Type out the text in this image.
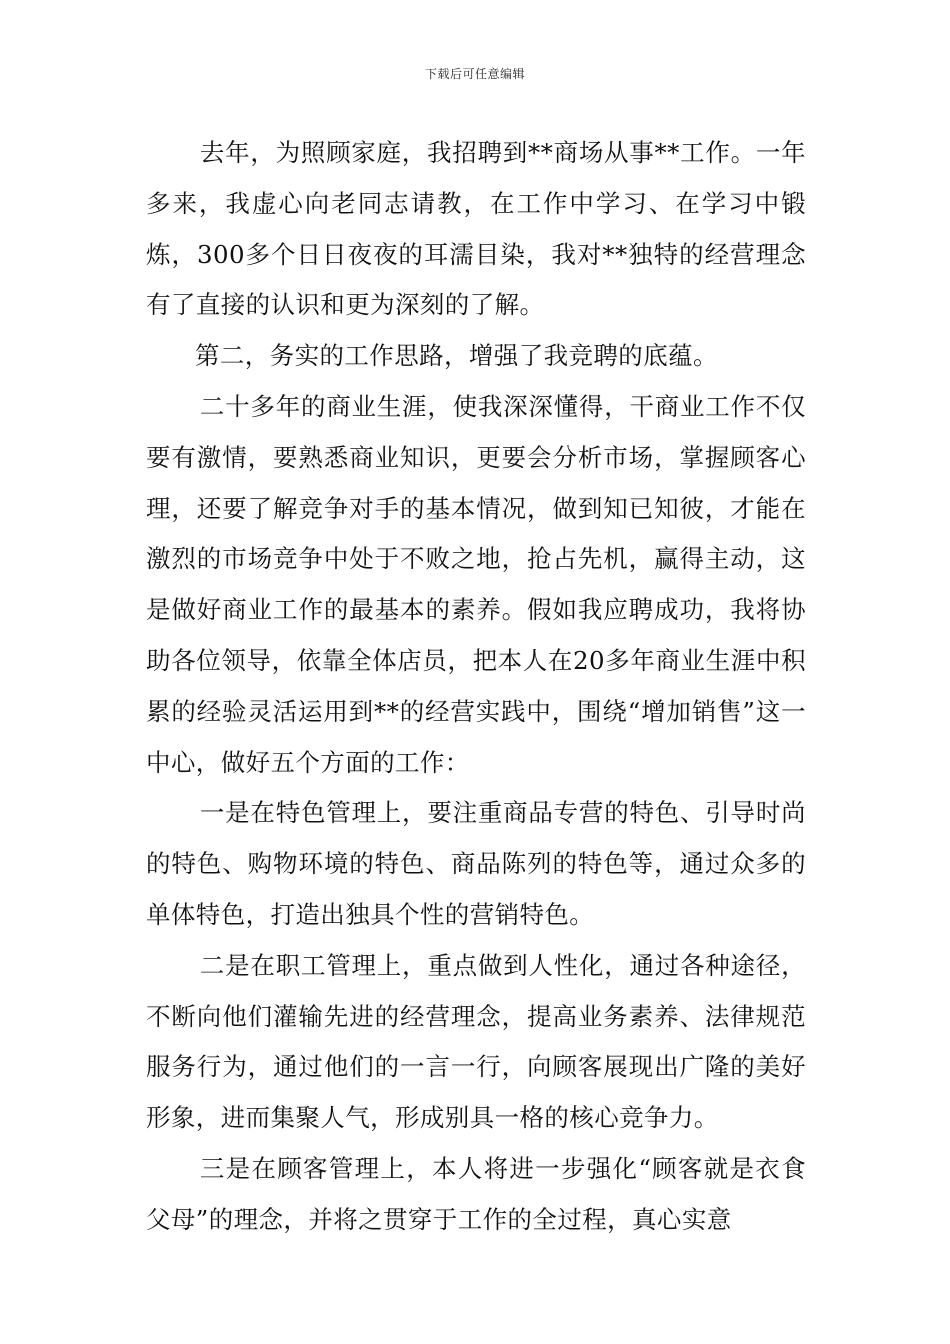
下载后可任意编辑

去年，为照顾家庭，我招聘到**商场从事**工作。一年多来，我虚心向老同志请教，在工作中学习、在学习中锻炼，300多个日日夜夜的耳濡目染，我对**独特的经营理念有了直接的认识和更为深刻的了解。

第二，务实的工作思路，增强了我竞聘的底蕴。

二十多年的商业生涯，使我深深懂得，干商业工作不仅要有激情，要熟悉商业知识，更要会分析市场，掌握顾客心理，还要了解竞争对手的基本情况，做到知已知彼，才能在激烈的市场竞争中处于不败之地，抢占先机，赢得主动，这是做好商业工作的最基本的素养。假如我应聘成功，我将协助各位领导，依靠全体店员，把本人在20多年商业生涯中积累的经验灵活运用到**的经营实践中，围绕“增加销售”这一中心，做好五个方面的工作：

一是在特色管理上，要注重商品专营的特色、引导时尚的特色、购物环境的特色、商品陈列的特色等，通过众多的单体特色，打造出独具个性的营销特色。

二是在职工管理上，重点做到人性化，通过各种途径，不断向他们灌输先进的经营理念，提高业务素养、法律规范服务行为，通过他们的一言一行，向顾客展现出广隆的美好形象，进而集聚人气，形成别具一格的核心竞争力。

三是在顾客管理上，本人将进一步强化“顾客就是衣食父母”的理念，并将之贯穿于工作的全过程，真心实意
